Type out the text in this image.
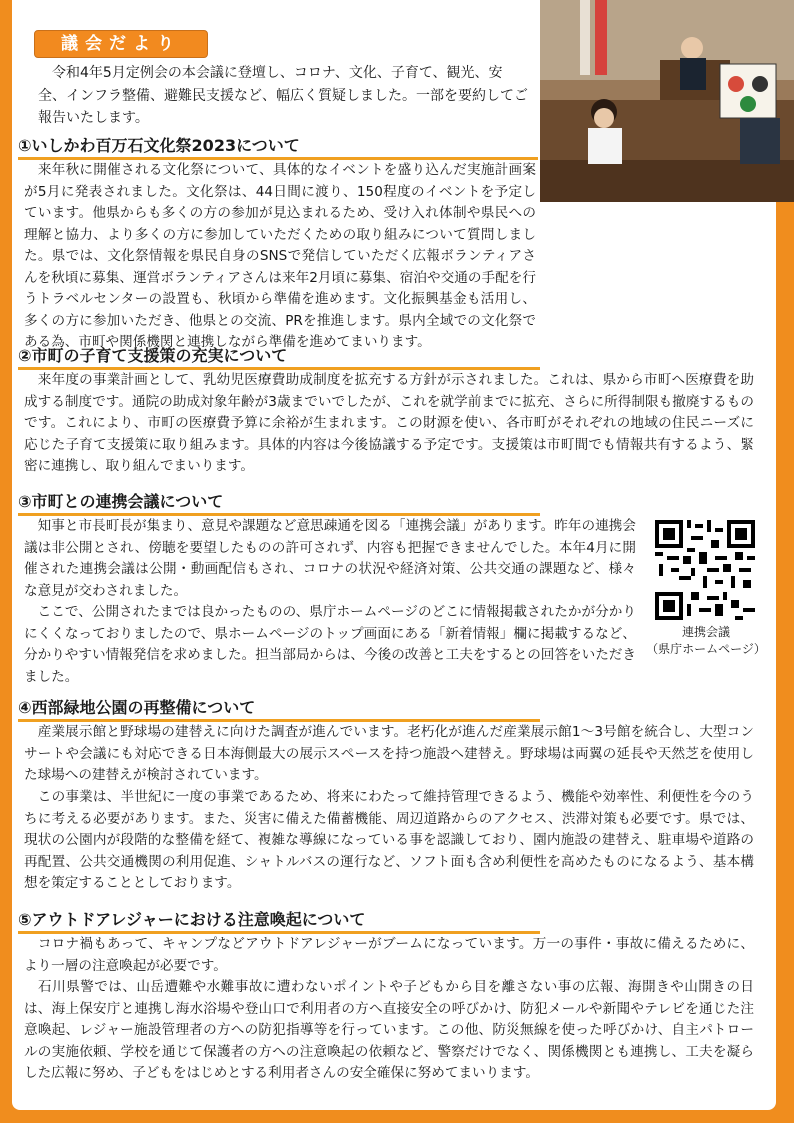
議会だより

　令和4年5月定例会の本会議に登壇し、コロナ、文化、子育て、観光、安全、インフラ整備、避難民支援など、幅広く質疑しました。一部を要約してご報告いたします。

①いしかわ百万石文化祭2023について

　来年秋に開催される文化祭について、具体的なイベントを盛り込んだ実施計画案が5月に発表されました。文化祭は、44日間に渡り、150程度のイベントを予定しています。他県からも多くの方の参加が見込まれるため、受け入れ体制や県民への理解と協力、より多くの方に参加していただくための取り組みについて質問しました。県では、文化祭情報を県民自身のSNSで発信していただく広報ボランティアさんを秋頃に募集、運営ボランティアさんは来年2月頃に募集、宿泊や交通の手配を行うトラベルセンターの設置も、秋頃から準備を進めます。文化振興基金も活用し、多くの方に参加いただき、他県との交流、PRを推進します。県内全域での文化祭である為、市町や関係機関と連携しながら準備を進めてまいります。

②市町の子育て支援策の充実について

　来年度の事業計画として、乳幼児医療費助成制度を拡充する方針が示されました。これは、県から市町へ医療費を助成する制度です。通院の助成対象年齢が3歳までいでしたが、これを就学前までに拡充、さらに所得制限も撤廃するものです。これにより、市町の医療費予算に余裕が生まれます。この財源を使い、各市町がそれぞれの地域の住民ニーズに応じた子育て支援策に取り組みます。具体的内容は今後協議する予定です。支援策は市町間でも情報共有するよう、緊密に連携し、取り組んでまいります。

③市町との連携会議について

　知事と市長町長が集まり、意見や課題など意思疎通を図る「連携会議」があります。昨年の連携会議は非公開とされ、傍聴を要望したものの許可されず、内容も把握できませんでした。本年4月に開催された連携会議は公開・動画配信もされ、コロナの状況や経済対策、公共交通の課題など、様々な意見が交わされました。

　ここで、公開されたまでは良かったものの、県庁ホームページのどこに情報掲載されたかが分かりにくくなっておりましたので、県ホームページのトップ画面にある「新着情報」欄に掲載するなど、分かりやすい情報発信を求めました。担当部局からは、今後の改善と工夫をするとの回答をいただきました。

連携会議
（県庁ホームページ）
④西部緑地公園の再整備について

　産業展示館と野球場の建替えに向けた調査が進んでいます。老朽化が進んだ産業展示館1～3号館を統合し、大型コンサートや会議にも対応できる日本海側最大の展示スペースを持つ施設へ建替え。野球場は両翼の延長や天然芝を使用した球場への建替えが検討されています。

　この事業は、半世紀に一度の事業であるため、将来にわたって維持管理できるよう、機能や効率性、利便性を今のうちに考える必要があります。また、災害に備えた備蓄機能、周辺道路からのアクセス、渋滞対策も必要です。県では、現状の公園内が段階的な整備を経て、複雑な導線になっている事を認識しており、園内施設の建替え、駐車場や道路の再配置、公共交通機関の利用促進、シャトルバスの運行など、ソフト面も含め利便性を高めたものになるよう、基本構想を策定することとしております。

⑤アウトドアレジャーにおける注意喚起について

　コロナ禍もあって、キャンプなどアウトドアレジャーがブームになっています。万一の事件・事故に備えるために、より一層の注意喚起が必要です。

　石川県警では、山岳遭難や水難事故に遭わないポイントや子どもから目を離さない事の広報、海開きや山開きの日は、海上保安庁と連携し海水浴場や登山口で利用者の方へ直接安全の呼びかけ、防犯メールや新聞やテレビを通じた注意喚起、レジャー施設管理者の方への防犯指導等を行っています。この他、防災無線を使った呼びかけ、自主パトロールの実施依頼、学校を通じて保護者の方への注意喚起の依頼など、警察だけでなく、関係機関とも連携し、工夫を凝らした広報に努め、子どもをはじめとする利用者さんの安全確保に努めてまいります。
